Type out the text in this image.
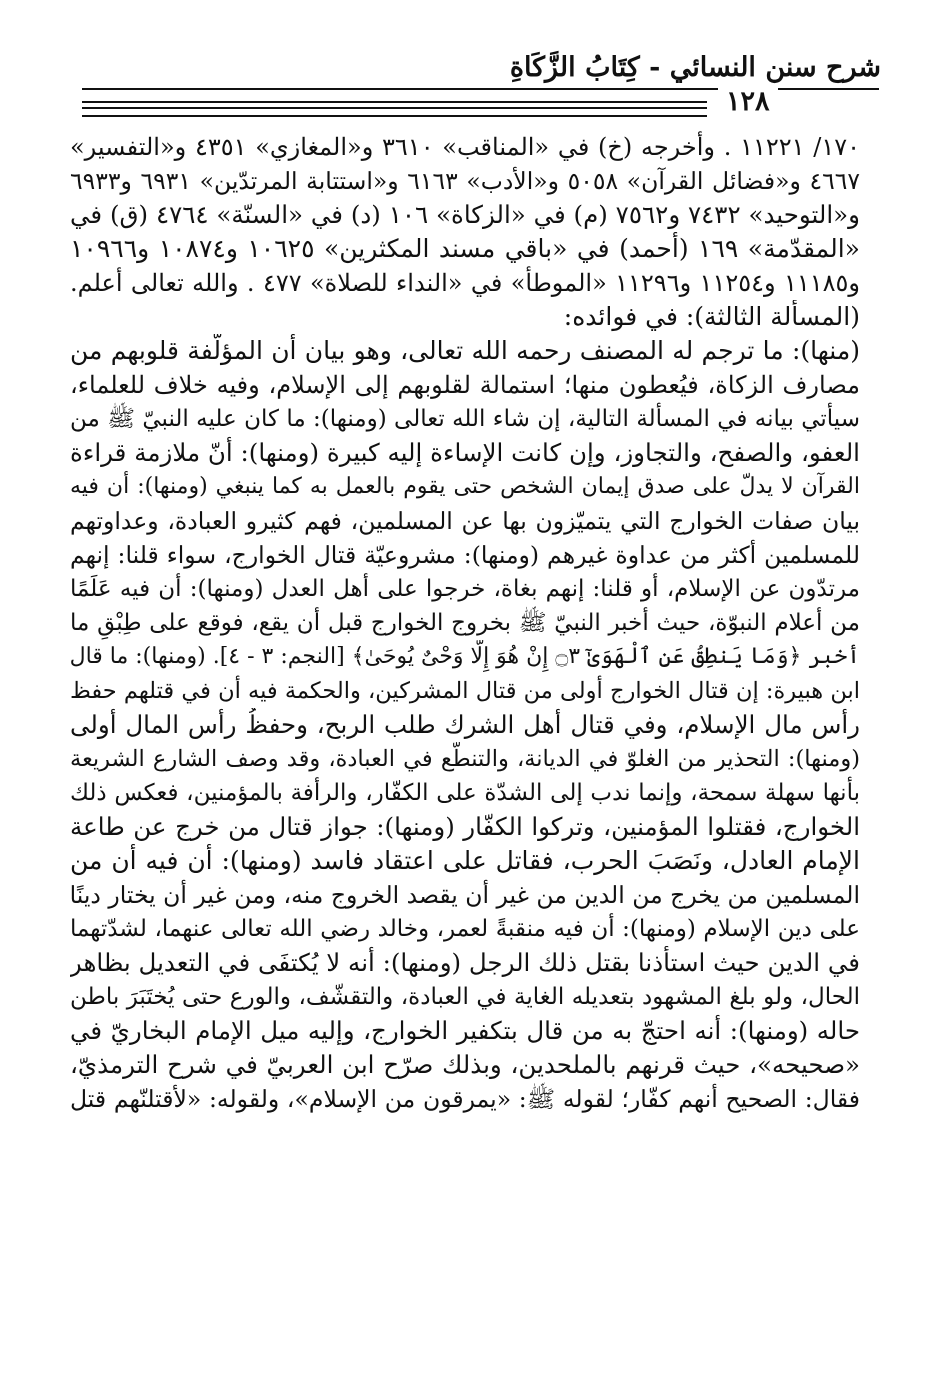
شرح سنن النسائي - كِتَابُ الزَّكَاةِ
١٢٨
١٧٠/ ١١٢٢١ . وأخرجه (خ) في «المناقب» ٣٦١٠ و«المغازي» ٤٣٥١ و«التفسير»
٤٦٦٧ و«فضائل القرآن» ٥٠٥٨ و«الأدب» ٦١٦٣ و«استتابة المرتدّين» ٦٩٣١ و٦٩٣٣
و«التوحيد» ٧٤٣٢ و٧٥٦٢ (م) في «الزكاة» ١٠٦ (د) في «السنّة» ٤٧٦٤ (ق) في
«المقدّمة» ١٦٩ (أحمد) في «باقي مسند المكثرين» ١٠٦٢٥ و١٠٨٧٤ و١٠٩٦٦
و١١١٨٥ و١١٢٥٤ و١١٢٩٦ «الموطأ» في «النداء للصلاة» ٤٧٧ . والله تعالى أعلم.
(المسألة الثالثة): في فوائده:
(منها): ما ترجم له المصنف رحمه الله تعالى، وهو بيان أن المؤلّفة قلوبهم من
مصارف الزكاة، فيُعطون منها؛ استمالة لقلوبهم إلى الإسلام، وفيه خلاف للعلماء،
سيأتي بيانه في المسألة التالية، إن شاء الله تعالى (ومنها): ما كان عليه النبيّ ﷺ من
العفو، والصفح، والتجاوز، وإن كانت الإساءة إليه كبيرة (ومنها): أنّ ملازمة قراءة
القرآن لا يدلّ على صدق إيمان الشخص حتى يقوم بالعمل به كما ينبغي (ومنها): أن فيه
بيان صفات الخوارج التي يتميّزون بها عن المسلمين، فهم كثيرو العبادة، وعداوتهم
للمسلمين أكثر من عداوة غيرهم (ومنها): مشروعيّة قتال الخوارج، سواء قلنا: إنهم
مرتدّون عن الإسلام، أو قلنا: إنهم بغاة، خرجوا على أهل العدل (ومنها): أن فيه عَلَمًا
من أعلام النبوّة، حيث أخبر النبيّ ﷺ بخروج الخوارج قبل أن يقع، فوقع على طِبْقِ ما
أخبر ﴿وَمَا يَنطِقُ عَنِ ٱلْهَوَىٰٓ ۝٣ إِنْ هُوَ إِلَّا وَحْىٌ يُوحَىٰ﴾ [النجم: ٣ - ٤]. (ومنها): ما قال
ابن هبيرة: إن قتال الخوارج أولى من قتال المشركين، والحكمة فيه أن في قتلهم حفظ
رأس مال الإسلام، وفي قتال أهل الشرك طلب الربح، وحفظُ رأس المال أولى
(ومنها): التحذير من الغلوّ في الديانة، والتنطّع في العبادة، وقد وصف الشارع الشريعة
بأنها سهلة سمحة، وإنما ندب إلى الشدّة على الكفّار، والرأفة بالمؤمنين، فعكس ذلك
الخوارج، فقتلوا المؤمنين، وتركوا الكفّار (ومنها): جواز قتال من خرج عن طاعة
الإمام العادل، ونَصَبَ الحرب، فقاتل على اعتقاد فاسد (ومنها): أن فيه أن من
المسلمين من يخرج من الدين من غير أن يقصد الخروج منه، ومن غير أن يختار دينًا
على دين الإسلام (ومنها): أن فيه منقبةً لعمر، وخالد رضي الله تعالى عنهما، لشدّتهما
في الدين حيث استأذنا بقتل ذلك الرجل (ومنها): أنه لا يُكتفَى في التعديل بظاهر
الحال، ولو بلغ المشهود بتعديله الغاية في العبادة، والتقشّف، والورع حتى يُختَبَرَ باطن
حاله (ومنها): أنه احتجّ به من قال بتكفير الخوارج، وإليه ميل الإمام البخاريّ في
«صحيحه»، حيث قرنهم بالملحدين، وبذلك صرّح ابن العربيّ في شرح الترمذيّ،
فقال: الصحيح أنهم كفّار؛ لقوله ﷺ: «يمرقون من الإسلام»، ولقوله: «لأقتلنّهم قتل
